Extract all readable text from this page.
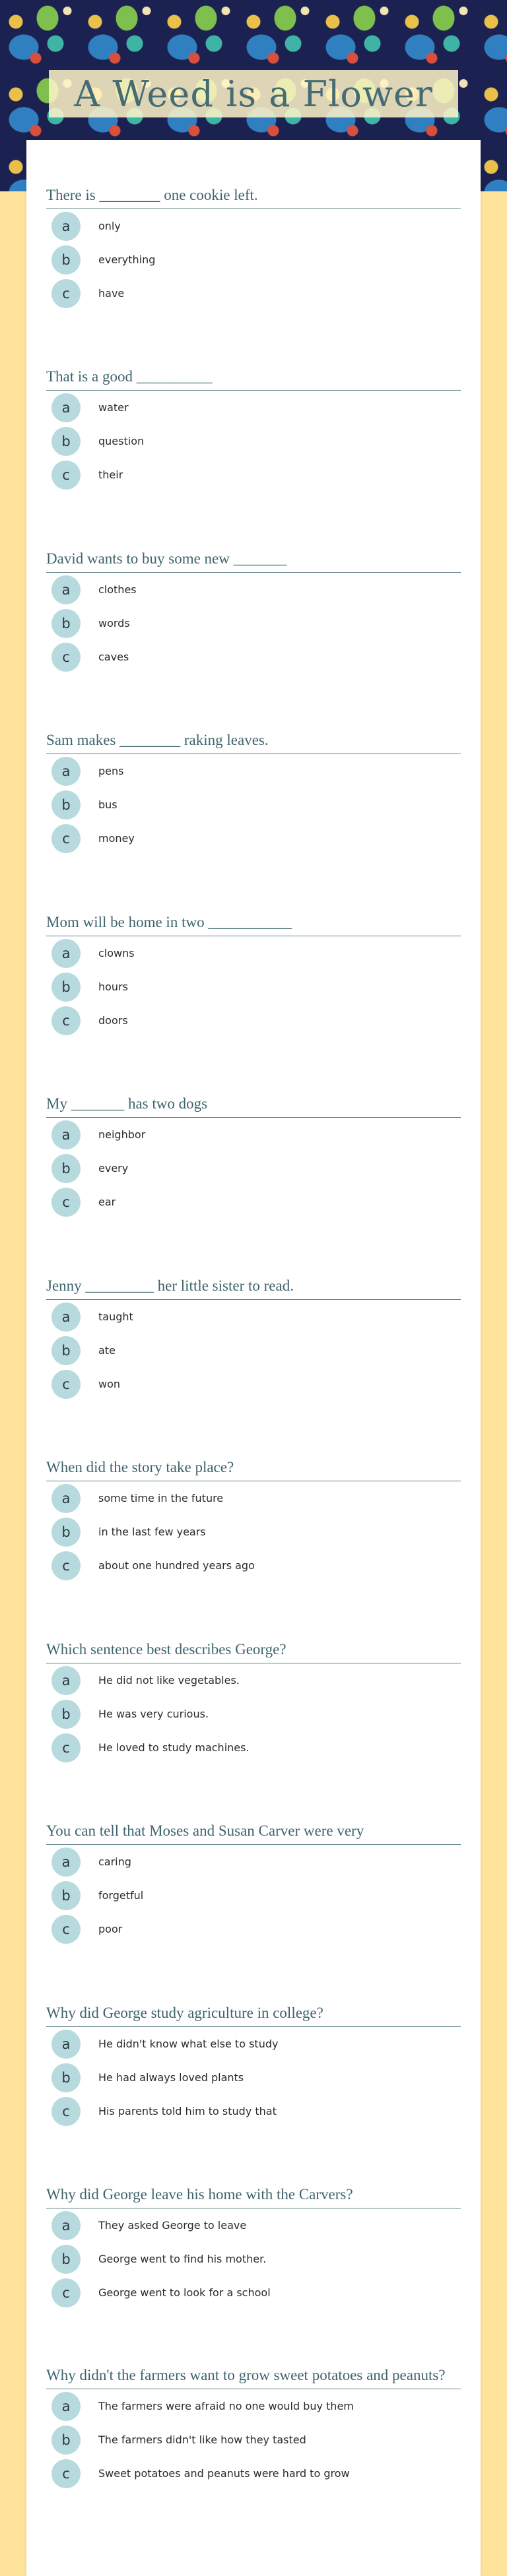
A Weed is a Flower
There is ________ one cookie left.
a	only
b	everything
c	have
That is a good __________
a	water
b	question
c	their
David wants to buy some new _______
a	clothes
b	words
c	caves
Sam makes ________ raking leaves.
a	pens
b	bus
c	money
Mom will be home in two ___________
a	clowns
b	hours
c	doors
My _______ has two dogs
a	neighbor
b	every
c	ear
Jenny _________ her little sister to read.
a	taught
b	ate
c	won
When did the story take place?
a	some time in the future
b	in the last few years
c	about one hundred years ago
Which sentence best describes George?
a	He did not like vegetables.
b	He was very curious.
c	He loved to study machines.
You can tell that Moses and Susan Carver were very
a	caring
b	forgetful
c	poor
Why did George study agriculture in college?
a	He didn't know what else to study
b	He had always loved plants
c	His parents told him to study that
Why did George leave his home with the Carvers?
a	They asked George to leave
b	George went to find his mother.
c	George went to look for a school
Why didn't the farmers want to grow sweet potatoes and peanuts?
a	The farmers were afraid no one would buy them
b	The farmers didn't like how they tasted
c	Sweet potatoes and peanuts were hard to grow
